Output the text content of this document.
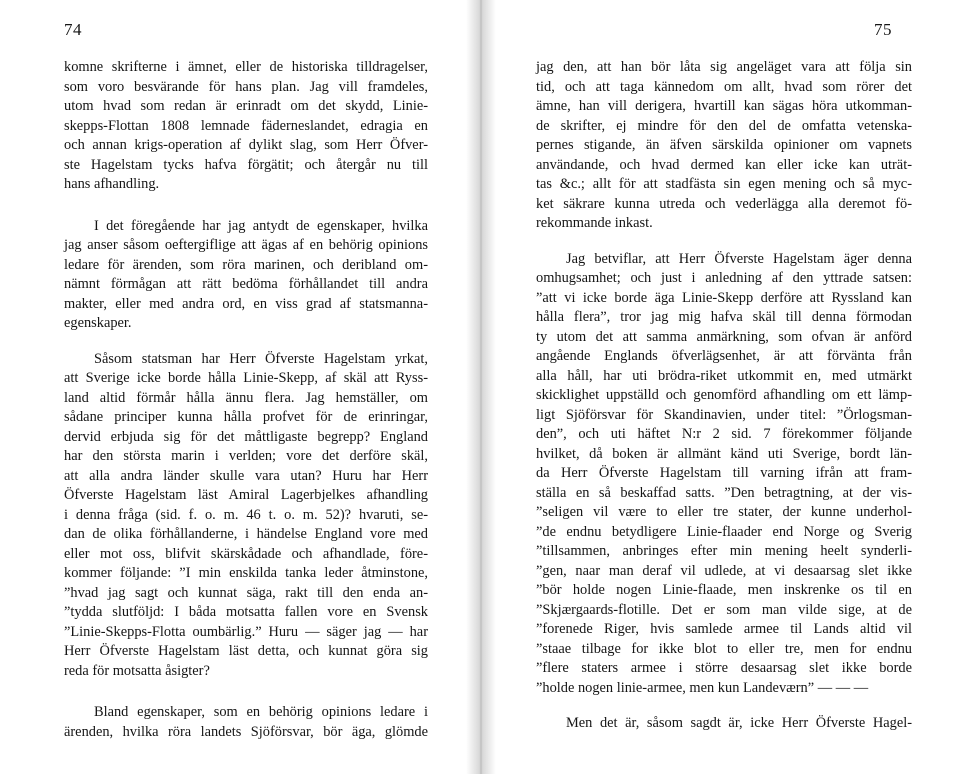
74

komne skrifterne i ämnet, eller de historiska tilldragelser,
som voro besvärande för hans plan. Jag vill framdeles,
utom hvad som redan är erinradt om det skydd, Linie-
skepps-Flottan 1808 lemnade fäderneslandet, edragia en
och annan krigs-operation af dylikt slag, som Herr Öfver-
ste Hagelstam tycks hafva förgätit; och återgår nu till
hans afhandling.

I det föregående har jag antydt de egenskaper, hvilka
jag anser såsom oeftergiflige att ägas af en behörig opinions
ledare för ärenden, som röra marinen, och deribland om-
nämnt förmågan att rätt bedöma förhållandet till andra
makter, eller med andra ord, en viss grad af statsmanna-
egenskaper.

Såsom statsman har Herr Öfverste Hagelstam yrkat,
att Sverige icke borde hålla Linie-Skepp, af skäl att Ryss-
land altid förmår hålla ännu flera. Jag hemställer, om
sådane principer kunna hålla profvet för de erinringar,
dervid erbjuda sig för det måttligaste begrepp? England
har den största marin i verlden; vore det derföre skäl,
att alla andra länder skulle vara utan? Huru har Herr
Öfverste Hagelstam läst Amiral Lagerbjelkes afhandling
i denna fråga (sid. f. o. m. 46 t. o. m. 52)? hvaruti, se-
dan de olika förhållanderne, i händelse England vore med
eller mot oss, blifvit skärskådade och afhandlade, före-
kommer följande: ”I min enskilda tanka leder åtminstone,
”hvad jag sagt och kunnat säga, rakt till den enda an-
”tydda slutföljd: I båda motsatta fallen vore en Svensk
”Linie-Skepps-Flotta oumbärlig.” Huru — säger jag — har
Herr Öfverste Hagelstam läst detta, och kunnat göra sig
reda för motsatta åsigter?

Bland egenskaper, som en behörig opinions ledare i
ärenden, hvilka röra landets Sjöförsvar, bör äga, glömde

75

jag den, att han bör låta sig angeläget vara att följa sin
tid, och att taga kännedom om allt, hvad som rörer det
ämne, han vill derigera, hvartill kan sägas höra utkomman-
de skrifter, ej mindre för den del de omfatta vetenska-
pernes stigande, än äfven särskilda opinioner om vapnets
användande, och hvad dermed kan eller icke kan uträt-
tas &c.; allt för att stadfästa sin egen mening och så myc-
ket säkrare kunna utreda och vederlägga alla deremot fö-
rekommande inkast.

Jag betviflar, att Herr Öfverste Hagelstam äger denna
omhugsamhet; och just i anledning af den yttrade satsen:
”att vi icke borde äga Linie-Skepp derföre att Ryssland kan
hålla flera”, tror jag mig hafva skäl till denna förmodan
ty utom det att samma anmärkning, som ofvan är anförd
angående Englands öfverlägsenhet, är att förvänta från
alla håll, har uti brödra-riket utkommit en, med utmärkt
skicklighet uppställd och genomförd afhandling om ett lämp-
ligt Sjöförsvar för Skandinavien, under titel: ”Örlogsman-
den”, och uti häftet N:r 2 sid. 7 förekommer följande
hvilket, då boken är allmänt känd uti Sverige, bordt län-
da Herr Öfverste Hagelstam till varning ifrån att fram-
ställa en så beskaffad satts. ”Den betragtning, at der vis-
”seligen vil være to eller tre stater, der kunne underhol-
”de endnu betydligere Linie-flaader end Norge og Sverig
”tillsammen, anbringes efter min mening heelt synderli-
”gen, naar man deraf vil udlede, at vi desaarsag slet ikke
”bör holde nogen Linie-flaade, men inskrenke os til en
”Skjærgaards-flotille. Det er som man vilde sige, at de
”forenede Riger, hvis samlede armee til Lands altid vil
”staae tilbage for ikke blot to eller tre, men for endnu
”flere staters armee i större desaarsag slet ikke borde
”holde nogen linie-armee, men kun Landeværn” — — —

Men det är, såsom sagdt är, icke Herr Öfverste Hagel-
